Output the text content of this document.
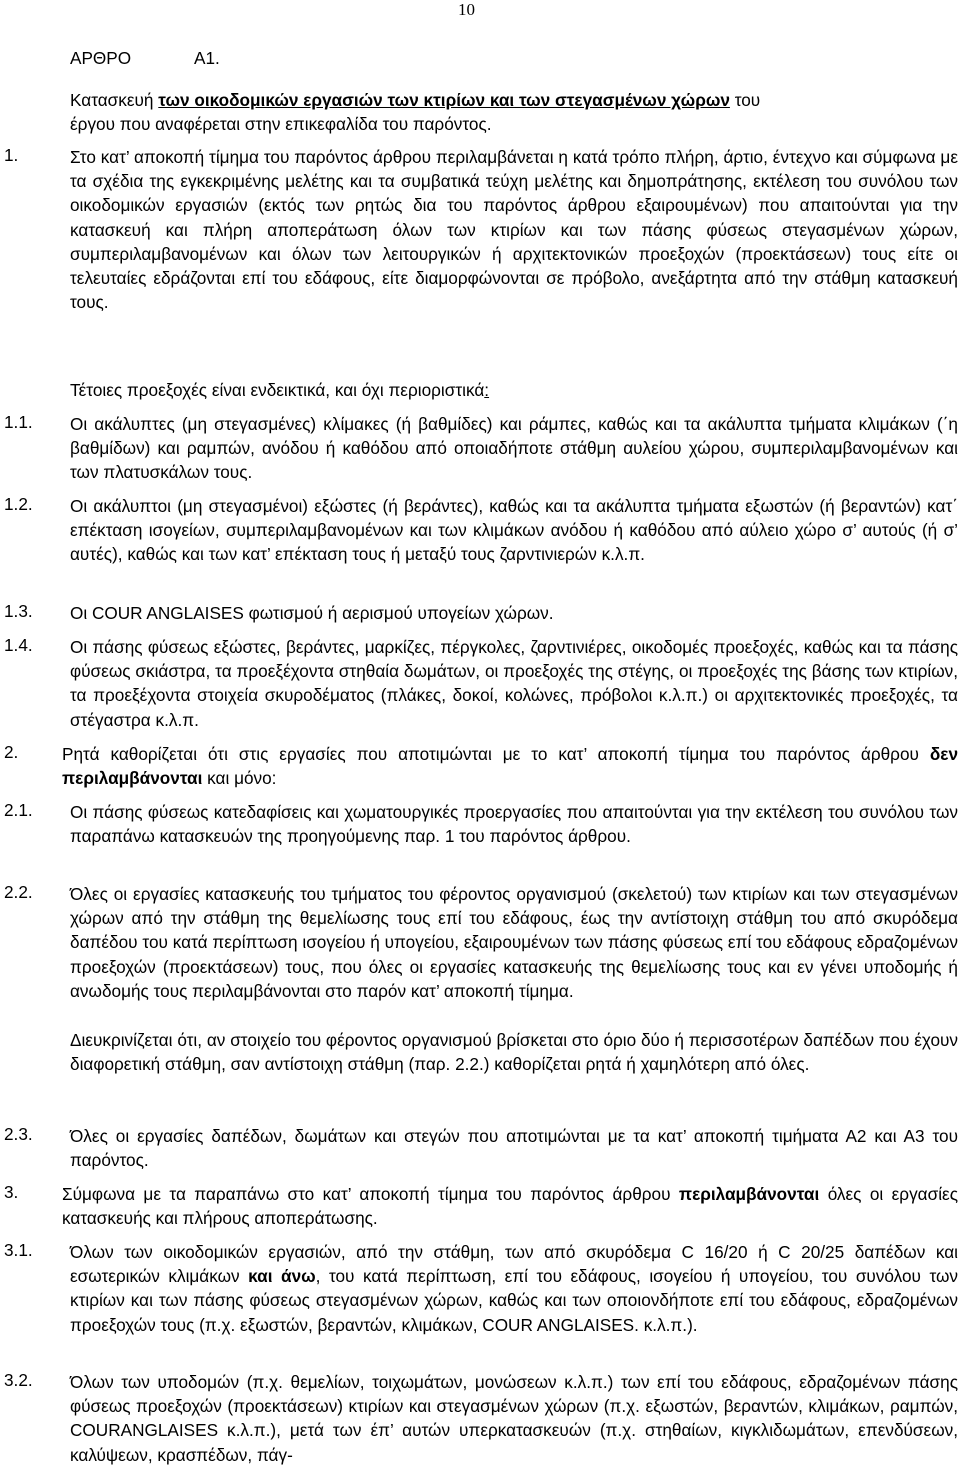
10
ΑΡΘΡΟ	Α1.
Κατασκευή των οικοδομικών εργασιών των κτιρίων και των στεγασμένων χώρων του
έργου που αναφέρεται στην επικεφαλίδα του παρόντος.
1.	Στο κατ’ αποκοπή τίμημα του παρόντος άρθρου περιλαμβάνεται η κατά τρόπο πλήρη, άρτιο, έντεχνο και σύμφωνα με τα σχέδια της εγκεκριμένης μελέτης και τα συμβατικά τεύχη μελέτης και δημοπράτησης, εκτέλεση του συνόλου των οικοδομικών εργασιών (εκτός των ρητώς δια του παρόντος άρθρου εξαιρουμένων) που απαιτούνται για την κατασκευή και πλήρη αποπεράτωση όλων των κτιρίων και των πάσης φύσεως στεγασμένων χώρων, συμπεριλαμβανομένων και όλων των λειτουργικών ή αρχιτεκτονικών προεξοχών (προεκτάσεων) τους είτε οι τελευταίες εδράζονται επί του εδάφους, είτε διαμορφώνονται σε πρόβολο, ανεξάρτητα από την στάθμη κατασκευή τους.
Τέτοιες προεξοχές είναι ενδεικτικά, και όχι περιοριστικά:
1.1. Οι ακάλυπτες (μη στεγασμένες) κλίμακες (ή βαθμίδες) και ράμπες, καθώς και τα ακάλυπτα τμήματα κλιμάκων (΄η βαθμίδων) και ραμπών, ανόδου ή καθόδου από οποιαδήποτε στάθμη αυλείου χώρου, συμπεριλαμβανομένων και των πλατυσκάλων τους.
1.2. Οι ακάλυπτοι (μη στεγασμένοι) εξώστες (ή βεράντες), καθώς και τα ακάλυπτα τμήματα εξωστών (ή βεραντών) κατ΄ επέκταση ισογείων, συμπεριλαμβανομένων και των κλιμάκων ανόδου ή καθόδου από αύλειο χώρο σ’ αυτούς (ή σ’ αυτές), καθώς και των κατ’ επέκταση τους ή μεταξύ τους ζαρντινιερών κ.λ.π.
1.3. Οι COUR ANGLAISES φωτισμού ή αερισμού υπογείων χώρων.
1.4. Οι πάσης φύσεως εξώστες, βεράντες, μαρκίζες, πέργκολες, ζαρντινιέρες, οικοδομές προεξοχές, καθώς και τα πάσης φύσεως σκιάστρα, τα προεξέχοντα στηθαία δωμάτων, οι προεξοχές της στέγης, οι προεξοχές της βάσης των κτιρίων, τα προεξέχοντα στοιχεία σκυροδέματος (πλάκες, δοκοί, κολώνες, πρόβολοι κ.λ.π.) οι αρχιτεκτονικές προεξοχές, τα στέγαστρα κ.λ.π.
2.	Ρητά καθορίζεται ότι στις εργασίες που αποτιμώνται με το κατ’ αποκοπή τίμημα του παρόντος άρθρου δεν περιλαμβάνονται και μόνο:
2.1. Οι πάσης φύσεως κατεδαφίσεις και χωματουργικές προεργασίες που απαιτούνται για την εκτέλεση του συνόλου των παραπάνω κατασκευών της προηγούμενης παρ. 1 του παρόντος άρθρου.
2.2. Όλες οι εργασίες κατασκευής του τμήματος του φέροντος οργανισμού (σκελετού) των κτιρίων και των στεγασμένων χώρων από την στάθμη της θεμελίωσης τους επί του εδάφους, έως την αντίστοιχη στάθμη του από σκυρόδεμα δαπέδου του κατά περίπτωση ισογείου ή υπογείου, εξαιρουμένων των πάσης φύσεως επί του εδάφους εδραζομένων προεξοχών (προεκτάσεων) τους, που όλες οι εργασίες κατασκευής της θεμελίωσης τους και εν γένει υποδομής ή ανωδομής τους περιλαμβάνονται στο παρόν κατ’ αποκοπή τίμημα.
Διευκρινίζεται ότι, αν στοιχείο του φέροντος οργανισμού βρίσκεται στο όριο δύο ή περισσοτέρων δαπέδων που έχουν διαφορετική στάθμη, σαν αντίστοιχη στάθμη (παρ. 2.2.) καθορίζεται ρητά ή χαμηλότερη από όλες.
2.3. Όλες οι εργασίες δαπέδων, δωμάτων και στεγών που αποτιμώνται με τα κατ’ αποκοπή τιμήματα Α2 και Α3 του παρόντος.
3.	Σύμφωνα με τα παραπάνω στο κατ’ αποκοπή τίμημα του παρόντος άρθρου περιλαμβάνονται όλες οι εργασίες κατασκευής και πλήρους αποπεράτωσης.
3.1. Όλων των οικοδομικών εργασιών, από την στάθμη, των από σκυρόδεμα C 16/20 ή C 20/25 δαπέδων και εσωτερικών κλιμάκων και άνω, του κατά περίπτωση, επί του εδάφους, ισογείου ή υπογείου, του συνόλου των κτιρίων και των πάσης φύσεως στεγασμένων χώρων, καθώς και των οποιονδήποτε επί του εδάφους, εδραζομένων προεξοχών τους (π.χ. εξωστών, βεραντών, κλιμάκων, COUR ANGLAISES. κ.λ.π.).
3.2. Όλων των υποδομών (π.χ. θεμελίων, τοιχωμάτων, μονώσεων κ.λ.π.) των επί του εδάφους, εδραζομένων πάσης φύσεως προεξοχών (προεκτάσεων) κτιρίων και στεγασμένων χώρων (π.χ. εξωστών, βεραντών, κλιμάκων, ραμπών, COURANGLAISES κ.λ.π.), μετά των έπ’ αυτών υπερκατασκευών (π.χ. στηθαίων, κιγκλιδωμάτων, επενδύσεων, καλύψεων, κρασπέδων, πάγ-
